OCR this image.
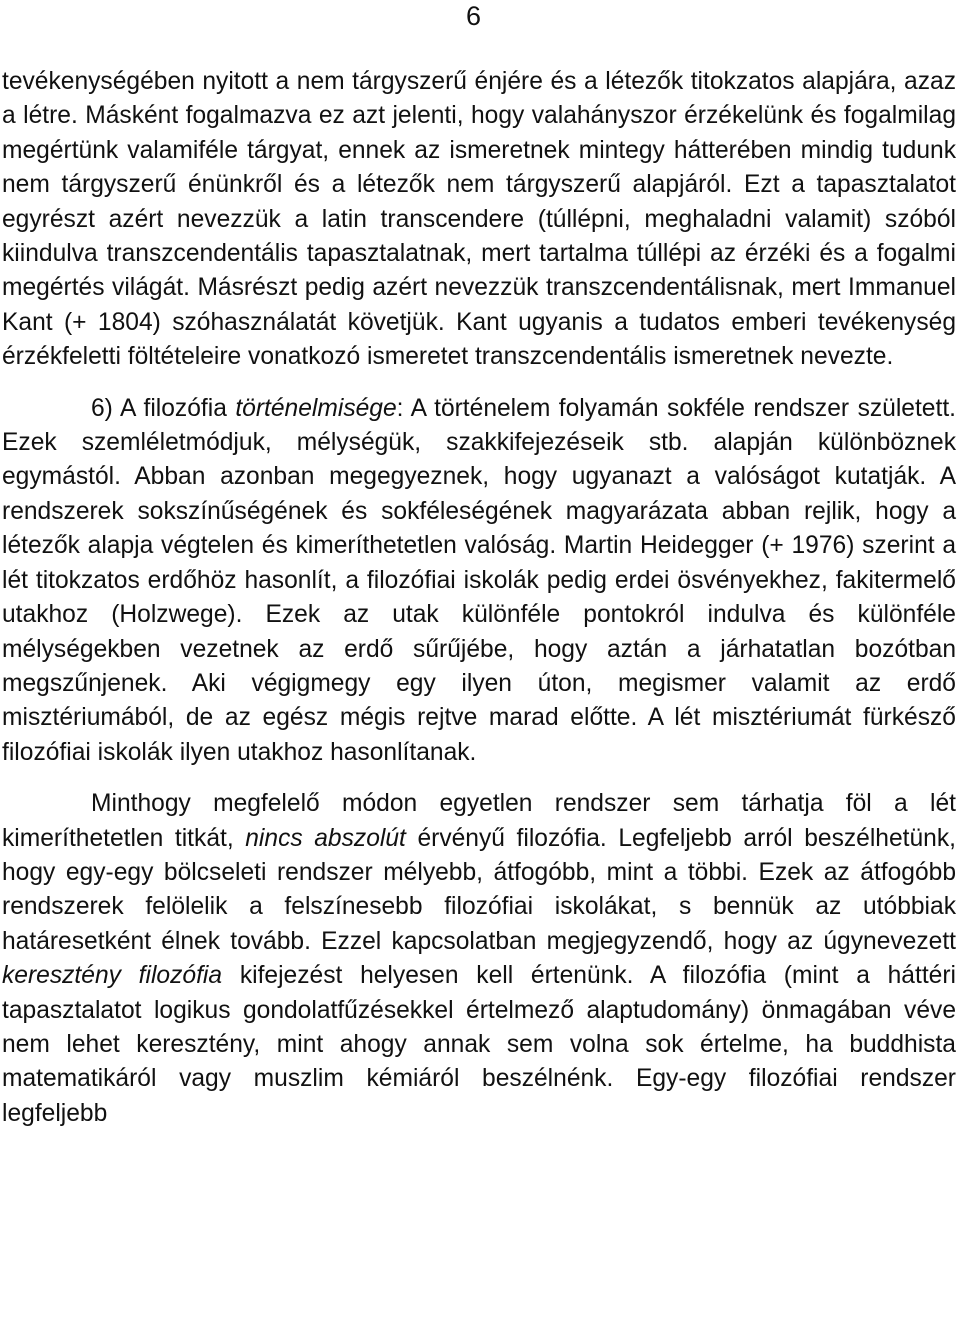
6

tevékenységében nyitott a nem tárgyszerű énjére és a létezők titokzatos alapjára, azaz a létre. Másként fogalmazva ez azt jelenti, hogy valahányszor érzékelünk és fogalmilag megértünk valamiféle tárgyat, ennek az ismeretnek mintegy hátterében mindig tudunk nem tárgyszerű énünkről és a létezők nem tárgyszerű alapjáról. Ezt a tapasztalatot egyrészt azért nevezzük a latin transcendere (túllépni, meghaladni valamit) szóból kiindulva transzcendentális tapasztalatnak, mert tartalma túllépi az érzéki és a fogalmi megértés világát. Másrészt pedig azért nevezzük transzcendentálisnak, mert Immanuel Kant (+ 1804) szóhasználatát követjük. Kant ugyanis a tudatos emberi tevékenység érzékfeletti föltételeire vonatkozó ismeretet transzcendentális ismeretnek nevezte.

6) A filozófia történelmisége: A történelem folyamán sokféle rendszer született. Ezek szemléletmódjuk, mélységük, szakkifejezéseik stb. alapján különböznek egymástól. Abban azonban megegyeznek, hogy ugyanazt a valóságot kutatják. A rendszerek sokszínűségének és sokféleségének magyarázata abban rejlik, hogy a létezők alapja végtelen és kimeríthetetlen valóság. Martin Heidegger (+ 1976) szerint a lét titokzatos erdőhöz hasonlít, a filozófiai iskolák pedig erdei ösvényekhez, fakitermelő utakhoz (Holzwege). Ezek az utak különféle pontokról indulva és különféle mélységekben vezetnek az erdő sűrűjébe, hogy aztán a járhatatlan bozótban megszűnjenek. Aki végigmegy egy ilyen úton, megismer valamit az erdő misztériumából, de az egész mégis rejtve marad előtte. A lét misztériumát fürkésző filozófiai iskolák ilyen utakhoz hasonlítanak.

Minthogy megfelelő módon egyetlen rendszer sem tárhatja föl a lét kimeríthetetlen titkát, nincs abszolút érvényű filozófia. Legfeljebb arról beszélhetünk, hogy egy-egy bölcseleti rendszer mélyebb, átfogóbb, mint a többi. Ezek az átfogóbb rendszerek felölelik a felszínesebb filozófiai iskolákat, s bennük az utóbbiak határesetként élnek tovább. Ezzel kapcsolatban megjegyzendő, hogy az úgynevezett keresztény filozófia kifejezést helyesen kell értenünk. A filozófia (mint a háttéri tapasztalatot logikus gondolatfűzésekkel értelmező alaptudomány) önmagában véve nem lehet keresztény, mint ahogy annak sem volna sok értelme, ha buddhista matematikáról vagy muszlim kémiáról beszélnénk. Egy-egy filozófiai rendszer legfeljebb
